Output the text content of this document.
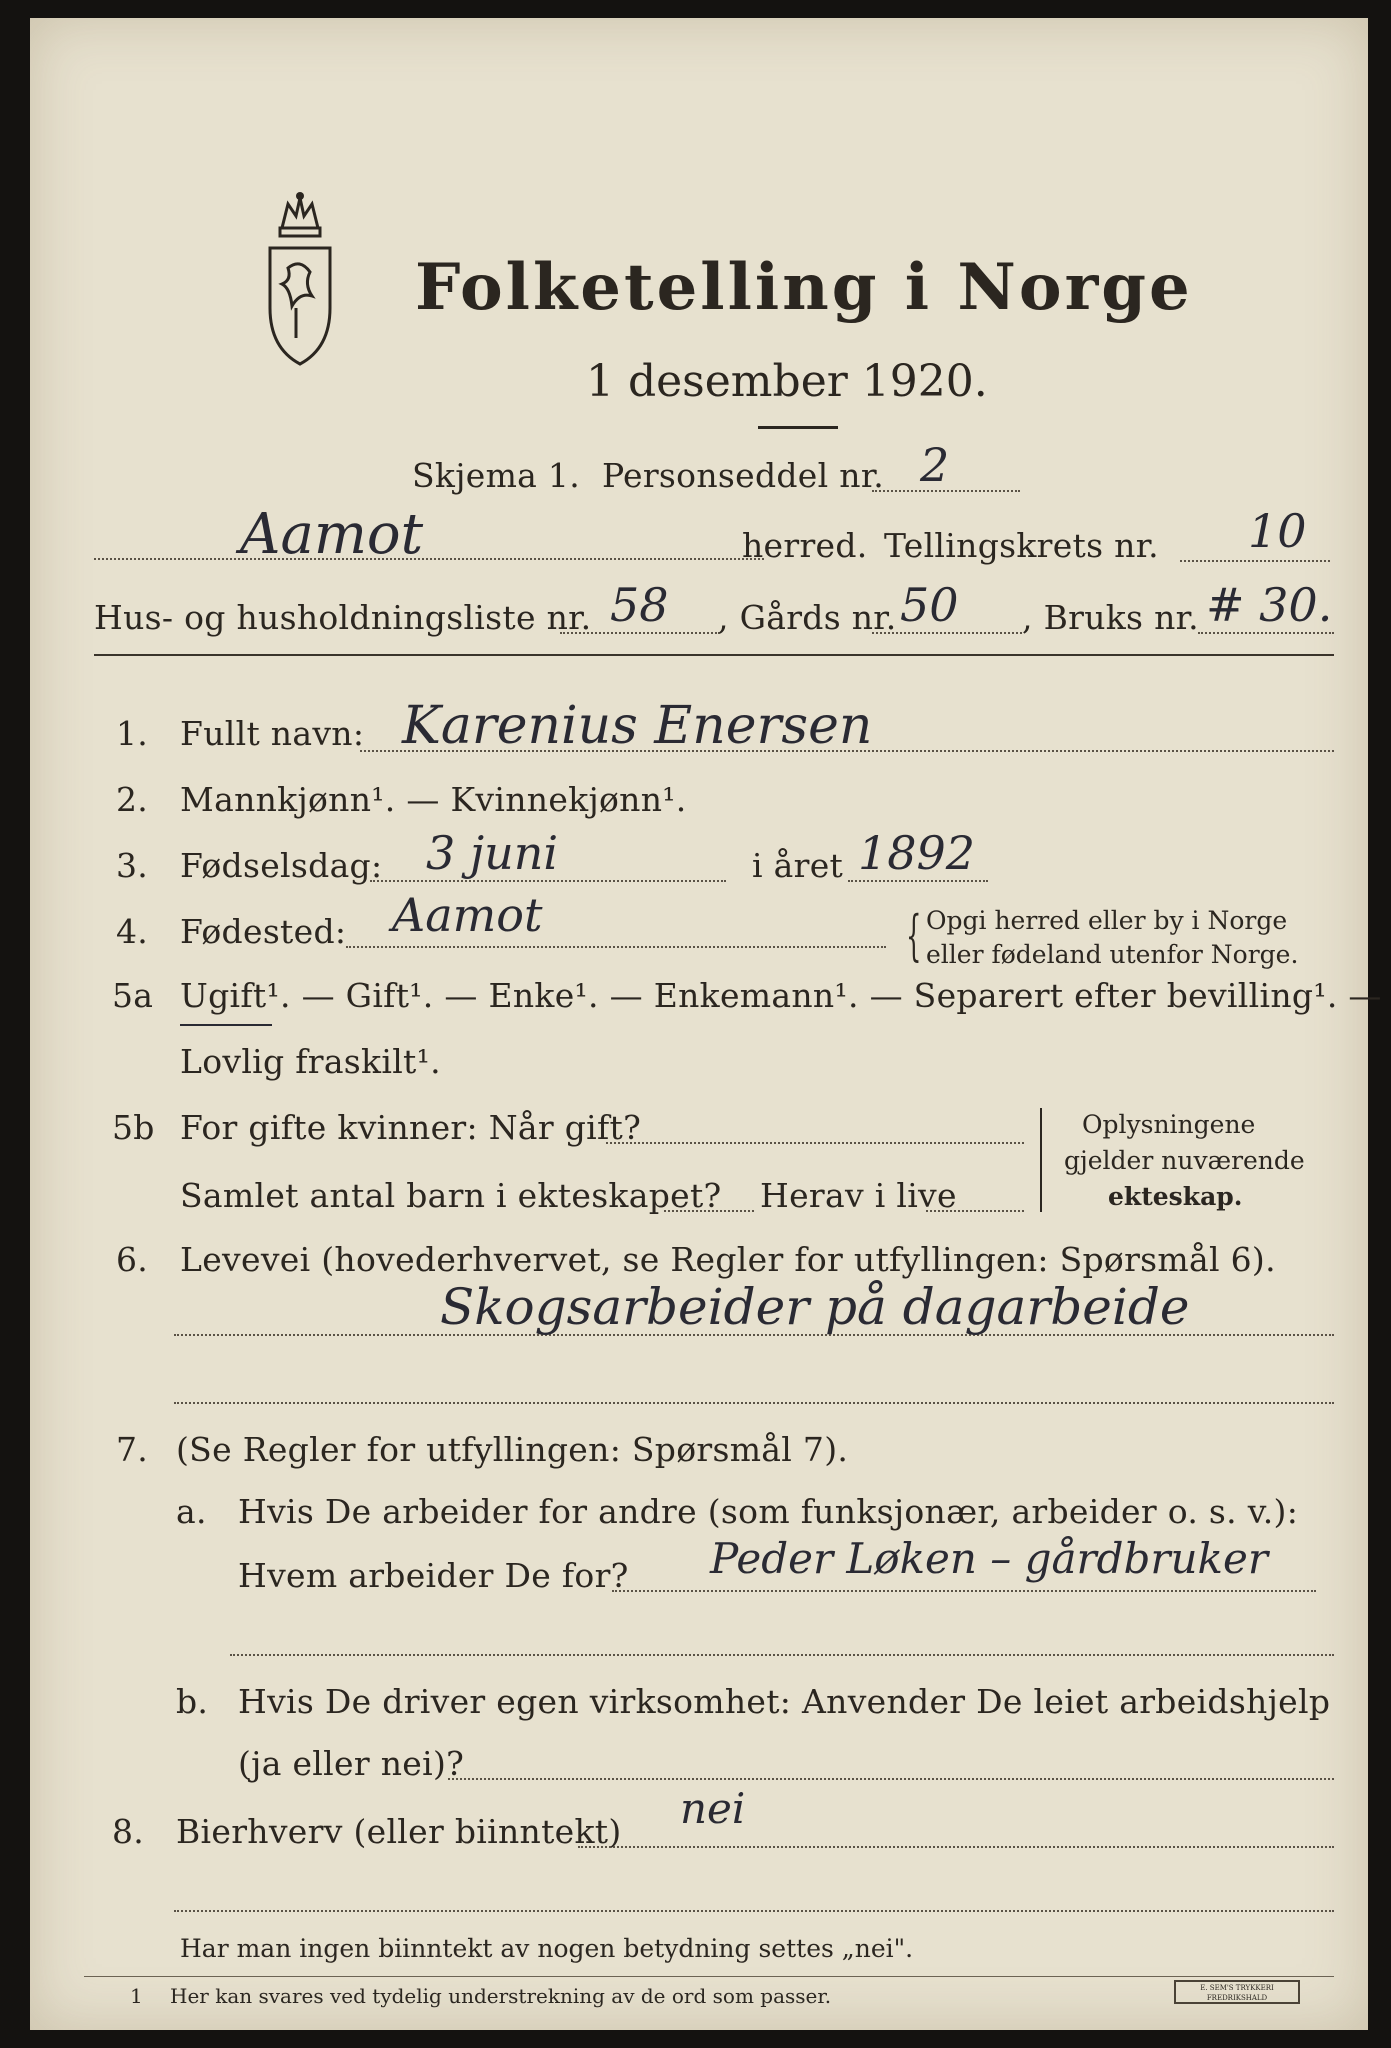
Folketelling i Norge
1 desember 1920.
Skjema 1. Personseddel nr. 2
Aamot	herred. Tellingskrets nr. 10
Hus- og husholdningsliste nr. 58 , Gårds nr. 50 , Bruks nr. # 30.
1. Fullt navn: Karenius Enersen
2. Mannkjønn¹. — Kvinnekjønn¹.
3. Fødselsdag: 3 juni	i året 1892
4. Fødested: Aamot	{ Opgi herred eller by i Norge
eller fødeland utenfor Norge.
5a Ugift¹. — Gift¹. — Enke¹. — Enkemann¹. — Separert efter bevilling¹. —
Lovlig fraskilt¹.
5b For gifte kvinner: Når gift?
Samlet antal barn i ekteskapet? Herav i live
Oplysningene
gjelder nuværende
ekteskap.
6. Levevei (hovederhvervet, se Regler for utfyllingen: Spørsmål 6).
Skogsarbeider på dagarbeide
7. (Se Regler for utfyllingen: Spørsmål 7).
a. Hvis De arbeider for andre (som funksjonær, arbeider o. s. v.):
Hvem arbeider De for? Peder Løken – gårdbruker
b. Hvis De driver egen virksomhet: Anvender De leiet arbeidshjelp
(ja eller nei)?
8. Bierhverv (eller biinntekt) nei
Har man ingen biinntekt av nogen betydning settes „nei".
1 Her kan svares ved tydelig understrekning av de ord som passer.	E. SEM'S TRYKKERI FREDRIKSHALD
